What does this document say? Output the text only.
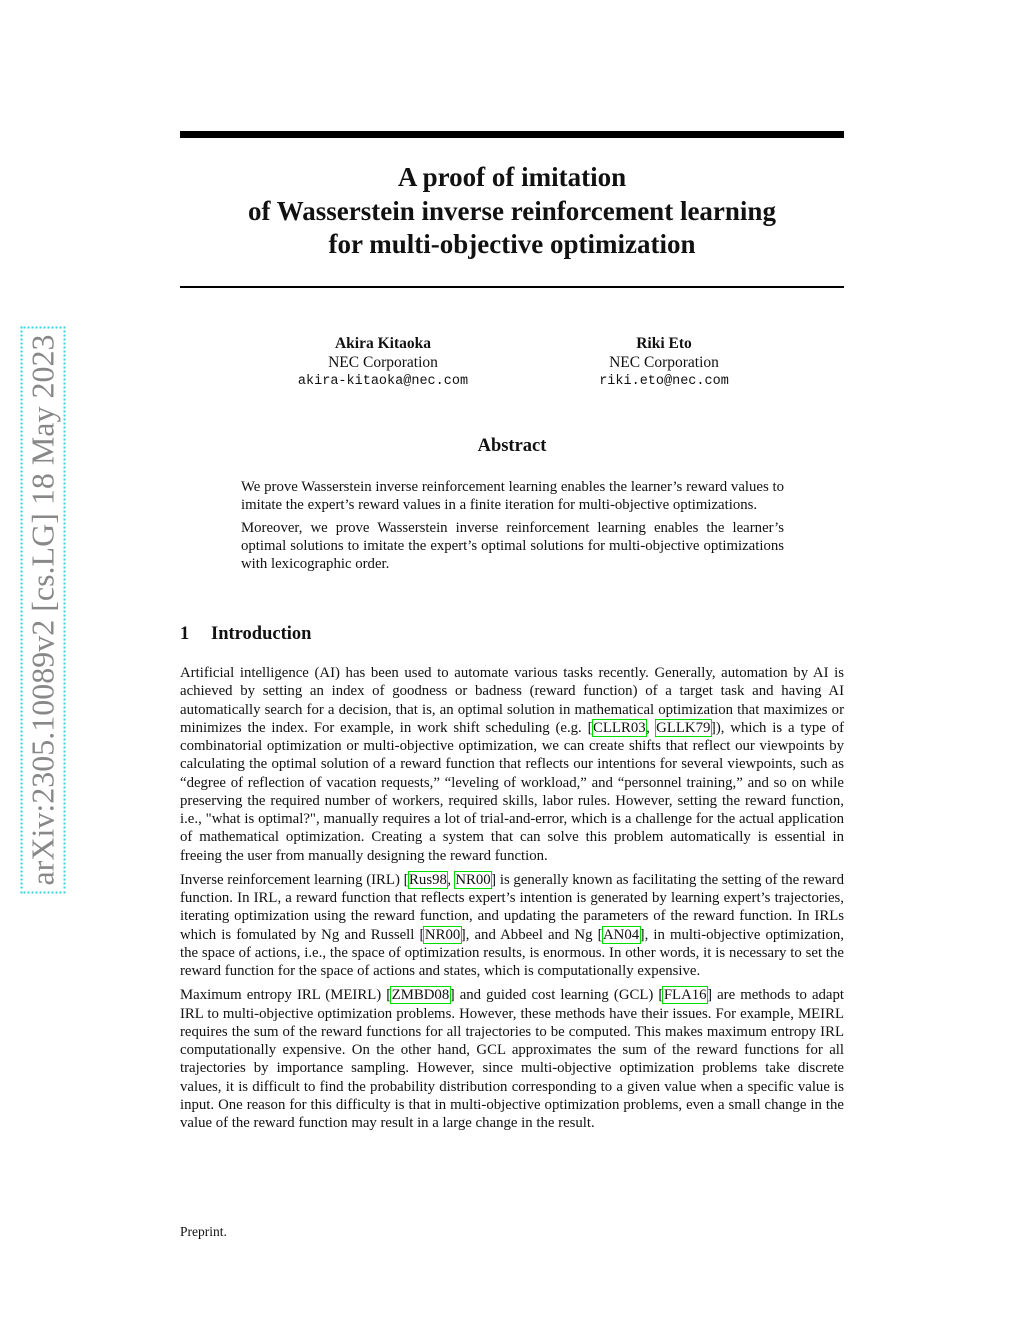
arXiv:2305.10089v2 [cs.LG] 18 May 2023
A proof of imitation
of Wasserstein inverse reinforcement learning
for multi-objective optimization
Akira Kitaoka
NEC Corporation
akira-kitaoka@nec.com
Riki Eto
NEC Corporation
riki.eto@nec.com
Abstract

We prove Wasserstein inverse reinforcement learning enables the learner’s reward values to imitate the expert’s reward values in a finite iteration for multi-objective optimizations.

Moreover, we prove Wasserstein inverse reinforcement learning enables the learner’s optimal solutions to imitate the expert’s optimal solutions for multi-objective optimizations with lexicographic order.

1 Introduction

Artificial intelligence (AI) has been used to automate various tasks recently. Generally, automation by AI is achieved by setting an index of goodness or badness (reward function) of a target task and having AI automatically search for a decision, that is, an optimal solution in mathematical optimization that maximizes or minimizes the index. For example, in work shift scheduling (e.g. [CLLR03, GLLK79]), which is a type of combinatorial optimization or multi-objective optimization, we can create shifts that reflect our viewpoints by calculating the optimal solution of a reward function that reflects our intentions for several viewpoints, such as “degree of reflection of vacation requests,” “leveling of workload,” and “personnel training,” and so on while preserving the required number of workers, required skills, labor rules. However, setting the reward function, i.e., "what is optimal?", manually requires a lot of trial-and-error, which is a challenge for the actual application of mathematical optimization. Creating a system that can solve this problem automatically is essential in freeing the user from manually designing the reward function.

Inverse reinforcement learning (IRL) [Rus98, NR00] is generally known as facilitating the setting of the reward function. In IRL, a reward function that reflects expert’s intention is generated by learning expert’s trajectories, iterating optimization using the reward function, and updating the parameters of the reward function. In IRLs which is fomulated by Ng and Russell [NR00], and Abbeel and Ng [AN04], in multi-objective optimization, the space of actions, i.e., the space of optimization results, is enormous. In other words, it is necessary to set the reward function for the space of actions and states, which is computationally expensive.

Maximum entropy IRL (MEIRL) [ZMBD08] and guided cost learning (GCL) [FLA16] are methods to adapt IRL to multi-objective optimization problems. However, these methods have their issues. For example, MEIRL requires the sum of the reward functions for all trajectories to be computed. This makes maximum entropy IRL computationally expensive. On the other hand, GCL approximates the sum of the reward functions for all trajectories by importance sampling. However, since multi-objective optimization problems take discrete values, it is difficult to find the probability distribution corresponding to a given value when a specific value is input. One reason for this difficulty is that in multi-objective optimization problems, even a small change in the value of the reward function may result in a large change in the result.

Preprint.
